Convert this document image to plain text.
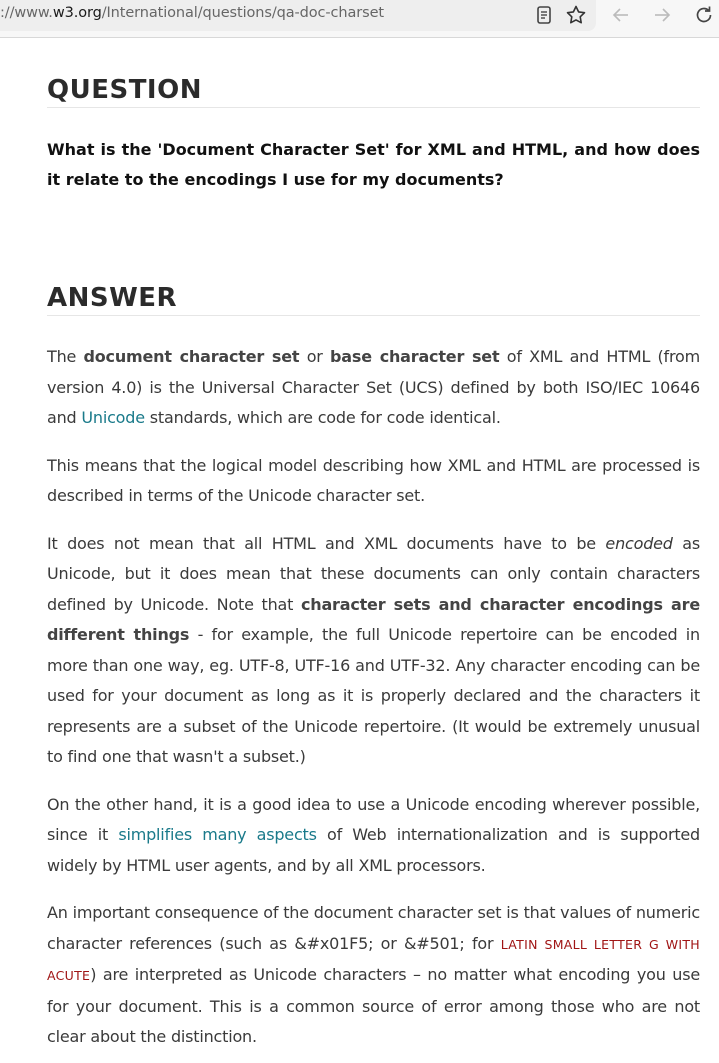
://www.w3.org/International/questions/qa-doc-charset
QUESTION

What is the 'Document Character Set' for XML and HTML, and how does it relate to the encodings I use for my documents?

ANSWER

The document character set or base character set of XML and HTML (from version 4.0) is the Universal Character Set (UCS) defined by both ISO/IEC 10646 and Unicode standards, which are code for code identical.

This means that the logical model describing how XML and HTML are processed is described in terms of the Unicode character set.

It does not mean that all HTML and XML documents have to be encoded as Unicode, but it does mean that these documents can only contain characters defined by Unicode. Note that character sets and character encodings are different things - for example, the full Unicode repertoire can be encoded in more than one way, eg. UTF-8, UTF-16 and UTF-32. Any character encoding can be used for your document as long as it is properly declared and the characters it represents are a subset of the Unicode repertoire. (It would be extremely unusual to find one that wasn't a subset.)

On the other hand, it is a good idea to use a Unicode encoding wherever possible, since it simplifies many aspects of Web internationalization and is supported widely by HTML user agents, and by all XML processors.

An important consequence of the document character set is that values of numeric character references (such as &#x01F5; or &#501; for LATIN SMALL LETTER G WITH ACUTE) are interpreted as Unicode characters – no matter what encoding you use for your document. This is a common source of error among those who are not clear about the distinction.
